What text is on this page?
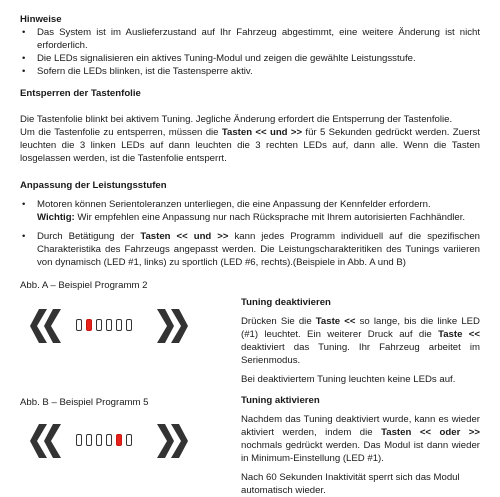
Hinweise
• Das System ist im Auslieferzustand auf Ihr Fahrzeug abgestimmt, eine weitere Änderung ist nicht erforderlich.
• Die LEDs signalisieren ein aktives Tuning-Modul und zeigen die gewählte Leistungsstufe.
• Sofern die LEDs blinken, ist die Tastensperre aktiv.
Entsperren der Tastenfolie

Die Tastenfolie blinkt bei aktivem Tuning. Jegliche Änderung erfordert die Entsperrung der Tastenfolie.

Um die Tastenfolie zu entsperren, müssen die Tasten << und >> für 5 Sekunden gedrückt werden. Zuerst leuchten die 3 linken LEDs auf dann leuchten die 3 rechten LEDs auf, dann alle. Wenn die Tasten losgelassen werden, ist die Tastenfolie entsperrt.

Anpassung der Leistungsstufen
• Motoren können Serientoleranzen unterliegen, die eine Anpassung der Kennfelder erfordern.
Wichtig: Wir empfehlen eine Anpassung nur nach Rücksprache mit Ihrem autorisierten Fachhändler.
• Durch Betätigung der Tasten << und >> kann jedes Programm individuell auf die spezifischen Charakteristika des Fahrzeugs angepasst werden. Die Leistungscharakteritiken des Tunings variieren von dynamisch (LED #1, links) zu sportlich (LED #6, rechts).(Beispiele in Abb. A und B)
Abb. A – Beispiel Programm 2
Abb. B – Beispiel Programm 5
Tuning deaktivieren

Drücken Sie die Taste << so lange, bis die linke LED (#1) leuchtet. Ein weiterer Druck auf die Taste << deaktiviert das Tuning. Ihr Fahrzeug arbeitet im Serienmodus.

Bei deaktiviertem Tuning leuchten keine LEDs auf.

Tuning aktivieren

Nachdem das Tuning deaktiviert wurde, kann es wieder aktiviert werden, indem die Tasten << oder >> nochmals gedrückt werden. Das Modul ist dann wieder in Minimum-Einstellung (LED #1).

Nach 60 Sekunden Inaktivität sperrt sich das Modul automatisch wieder.
